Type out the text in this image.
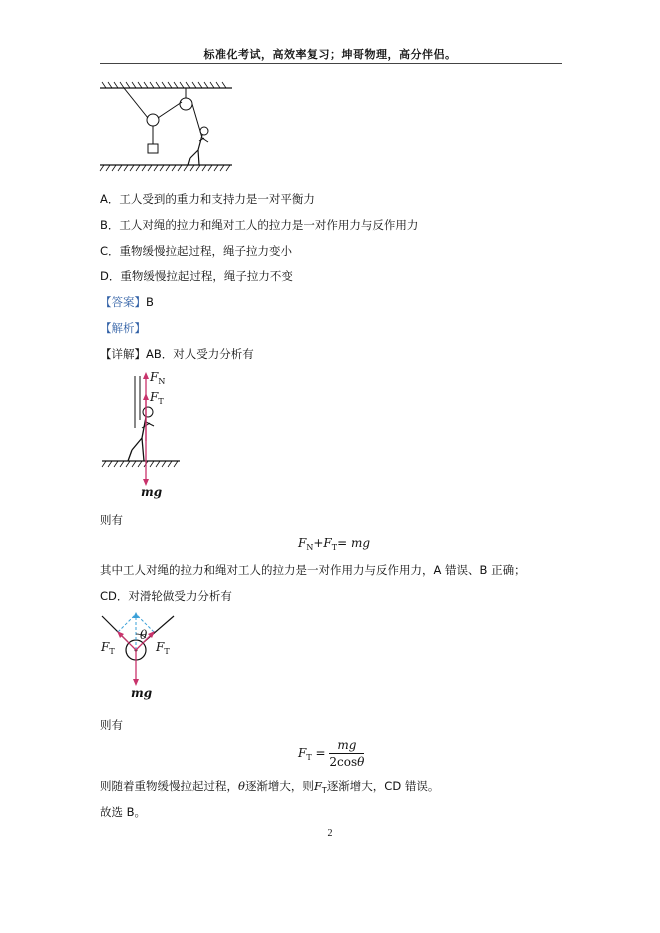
标准化考试，高效率复习；坤哥物理，高分伴侣。
A．工人受到的重力和支持力是一对平衡力
B．工人对绳的拉力和绳对工人的拉力是一对作用力与反作用力
C．重物缓慢拉起过程，绳子拉力变小
D．重物缓慢拉起过程，绳子拉力不变
【答案】B
【解析】
【详解】AB．对人受力分析有
$F_N$
$F_T$
mg
则有
$F_N+F_T=$ mg
其中工人对绳的拉力和绳对工人的拉力是一对作用力与反作用力，A 错误、B 正确；
CD．对滑轮做受力分析有
θ
$F_T$	$F_T$
mg
则有
$F_T = \frac{mg}{2\cos\theta}$
则随着重物缓慢拉起过程，θ逐渐增大，则$F_T$逐渐增大，CD 错误。
故选 B。
2
